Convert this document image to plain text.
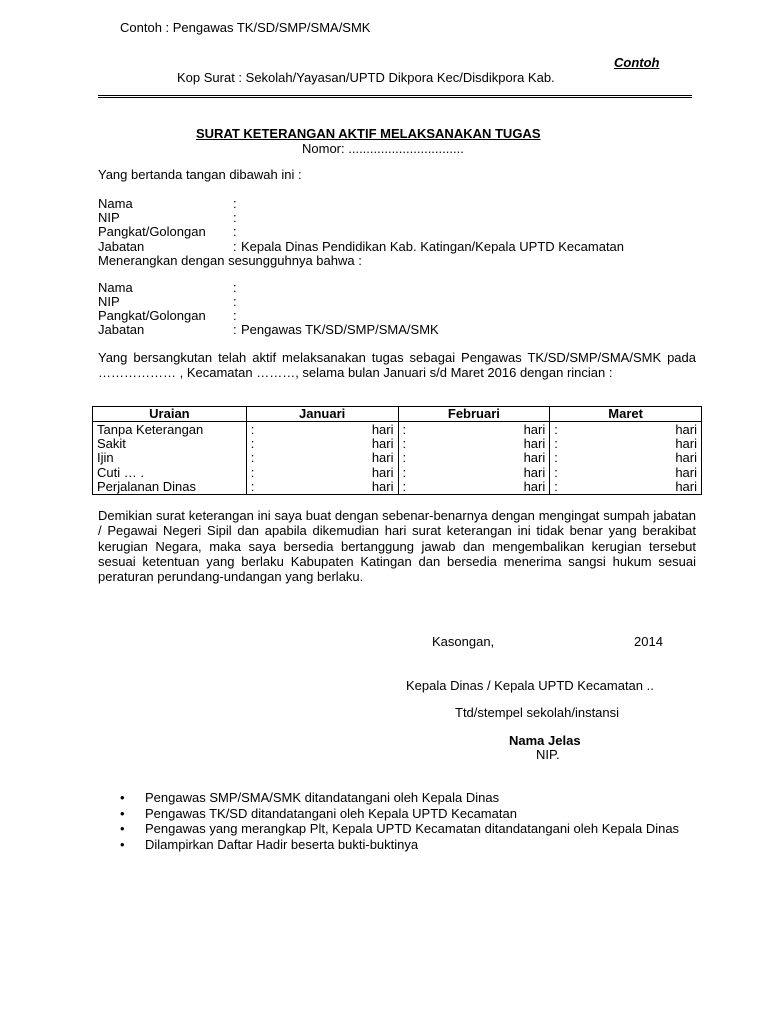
Contoh : Pengawas TK/SD/SMP/SMA/SMK
Contoh
Kop Surat : Sekolah/Yayasan/UPTD Dikpora Kec/Disdikpora Kab.
SURAT KETERANGAN AKTIF MELAKSANAKAN TUGAS
Nomor: ................................
Yang bertanda tangan dibawah ini :
Nama	:
NIP	:
Pangkat/Golongan :
Jabatan	: Kepala Dinas Pendidikan Kab. Katingan/Kepala UPTD Kecamatan
Menerangkan dengan sesungguhnya bahwa :
Nama	:
NIP	:
Pangkat/Golongan :
Jabatan	: Pengawas TK/SD/SMP/SMA/SMK
Yang bersangkutan telah aktif melaksanakan tugas sebagai Pengawas TK/SD/SMP/SMA/SMK pada ……………… , Kecamatan ………, selama bulan Januari s/d Maret 2016 dengan rincian :
Uraian	Januari	Februari	Maret
Tanpa Keterangan	: hari	: hari	: hari

Sakit	: hari	: hari	: hari

Ijin	: hari	: hari	: hari

Cuti … .	: hari	: hari	: hari

Perjalanan Dinas	: hari	: hari	: hari
Demikian surat keterangan ini saya buat dengan sebenar-benarnya dengan mengingat sumpah jabatan / Pegawai Negeri Sipil dan apabila dikemudian hari surat keterangan ini tidak benar yang berakibat kerugian Negara, maka saya bersedia bertanggung jawab dan mengembalikan kerugian tersebut sesuai ketentuan yang berlaku Kabupaten Katingan dan bersedia menerima sangsi hukum sesuai peraturan perundang-undangan yang berlaku.
Kasongan,	2014
Kepala Dinas / Kepala UPTD Kecamatan ..
Ttd/stempel sekolah/instansi
Nama Jelas
NIP.
• Pengawas SMP/SMA/SMK ditandatangani oleh Kepala Dinas
• Pengawas TK/SD ditandatangani oleh Kepala UPTD Kecamatan
• Pengawas yang merangkap Plt, Kepala UPTD Kecamatan ditandatangani oleh Kepala Dinas
• Dilampirkan Daftar Hadir beserta bukti-buktinya
